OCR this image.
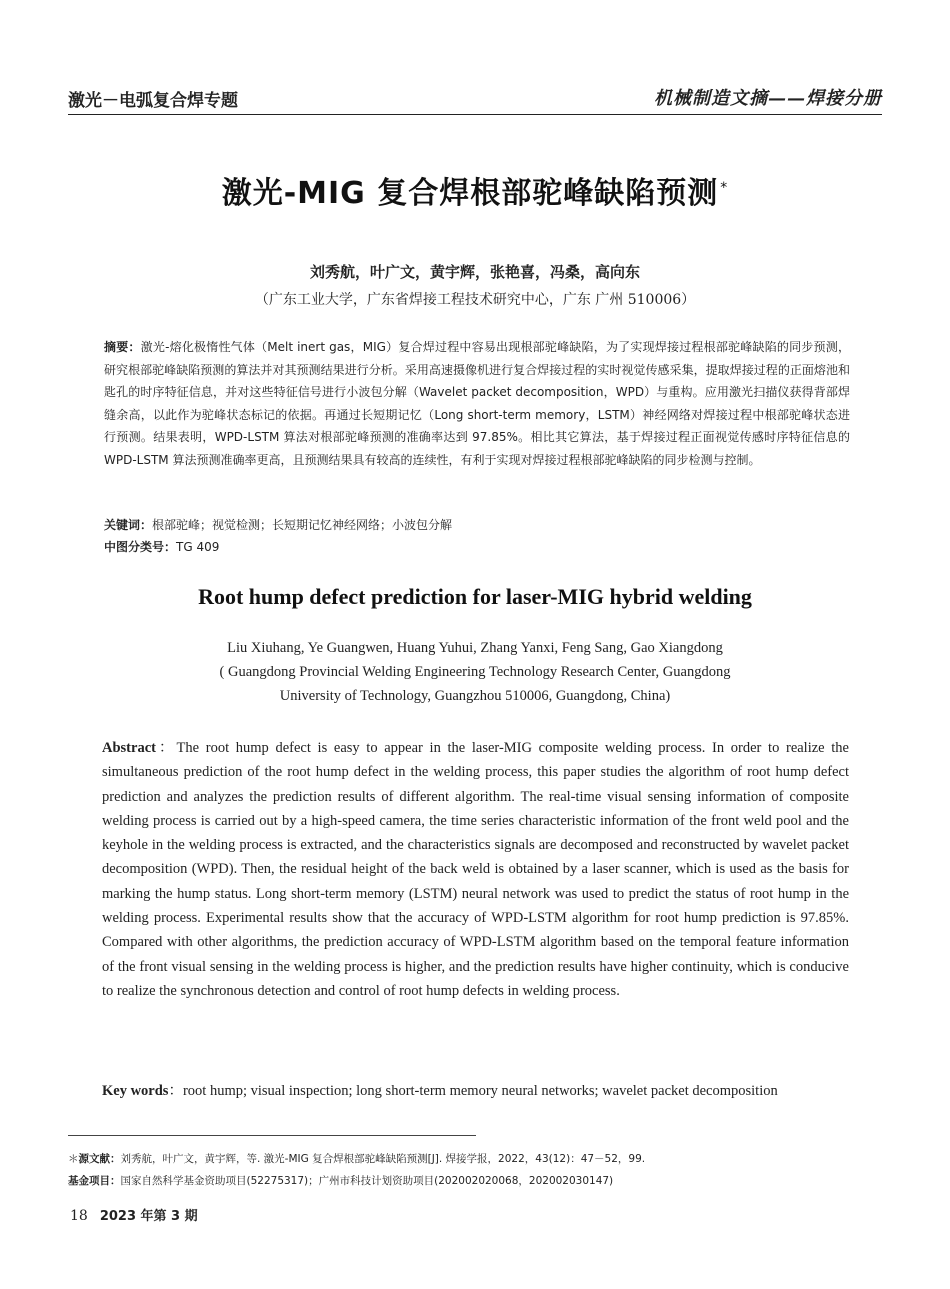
激光－电弧复合焊专题	机械制造文摘——焊接分册
激光-MIG 复合焊根部驼峰缺陷预测 *
刘秀航，叶广文，黄宇辉，张艳喜，冯桑，高向东
（广东工业大学，广东省焊接工程技术研究中心，广东 广州 510006）
摘要：激光-熔化极惰性气体（Melt inert gas，MIG）复合焊过程中容易出现根部驼峰缺陷，为了实现焊接过程根部驼峰缺陷的同步预测，研究根部驼峰缺陷预测的算法并对其预测结果进行分析。采用高速摄像机进行复合焊接过程的实时视觉传感采集，提取焊接过程的正面熔池和匙孔的时序特征信息，并对这些特征信号进行小波包分解（Wavelet packet decomposition，WPD）与重构。应用激光扫描仪获得背部焊缝余高，以此作为驼峰状态标记的依据。再通过长短期记忆（Long short-term memory，LSTM）神经网络对焊接过程中根部驼峰状态进行预测。结果表明，WPD-LSTM 算法对根部驼峰预测的准确率达到 97.85%。相比其它算法，基于焊接过程正面视觉传感时序特征信息的 WPD-LSTM 算法预测准确率更高，且预测结果具有较高的连续性，有利于实现对焊接过程根部驼峰缺陷的同步检测与控制。
关键词：根部驼峰；视觉检测；长短期记忆神经网络；小波包分解
中图分类号：TG 409
Root hump defect prediction for laser-MIG hybrid welding
Liu Xiuhang, Ye Guangwen, Huang Yuhui, Zhang Yanxi, Feng Sang, Gao Xiangdong
( Guangdong Provincial Welding Engineering Technology Research Center, Guangdong
University of Technology, Guangzhou 510006, Guangdong, China)
Abstract：The root hump defect is easy to appear in the laser-MIG composite welding process. In order to realize the simultaneous prediction of the root hump defect in the welding process, this paper studies the algorithm of root hump defect prediction and analyzes the prediction results of different algorithm. The real-time visual sensing information of composite welding process is carried out by a high-speed camera, the time series characteristic information of the front weld pool and the keyhole in the welding process is extracted, and the characteristics signals are decomposed and reconstructed by wavelet packet decomposition (WPD). Then, the residual height of the back weld is obtained by a laser scanner, which is used as the basis for marking the hump status. Long short-term memory (LSTM) neural network was used to predict the status of root hump in the welding process. Experimental results show that the accuracy of WPD-LSTM algorithm for root hump prediction is 97.85%. Compared with other algorithms, the prediction accuracy of WPD-LSTM algorithm based on the temporal feature information of the front visual sensing in the welding process is higher, and the prediction results have higher continuity, which is conducive to realize the synchronous detection and control of root hump defects in welding process.
Key words：root hump; visual inspection; long short-term memory neural networks; wavelet packet decomposition
＊源文献：刘秀航，叶广文，黄宇辉，等. 激光-MIG 复合焊根部驼峰缺陷预测[J]. 焊接学报，2022，43(12)：47－52，99.
基金项目：国家自然科学基金资助项目(52275317)；广州市科技计划资助项目(202002020068，202002030147)
18 2023 年第 3 期
